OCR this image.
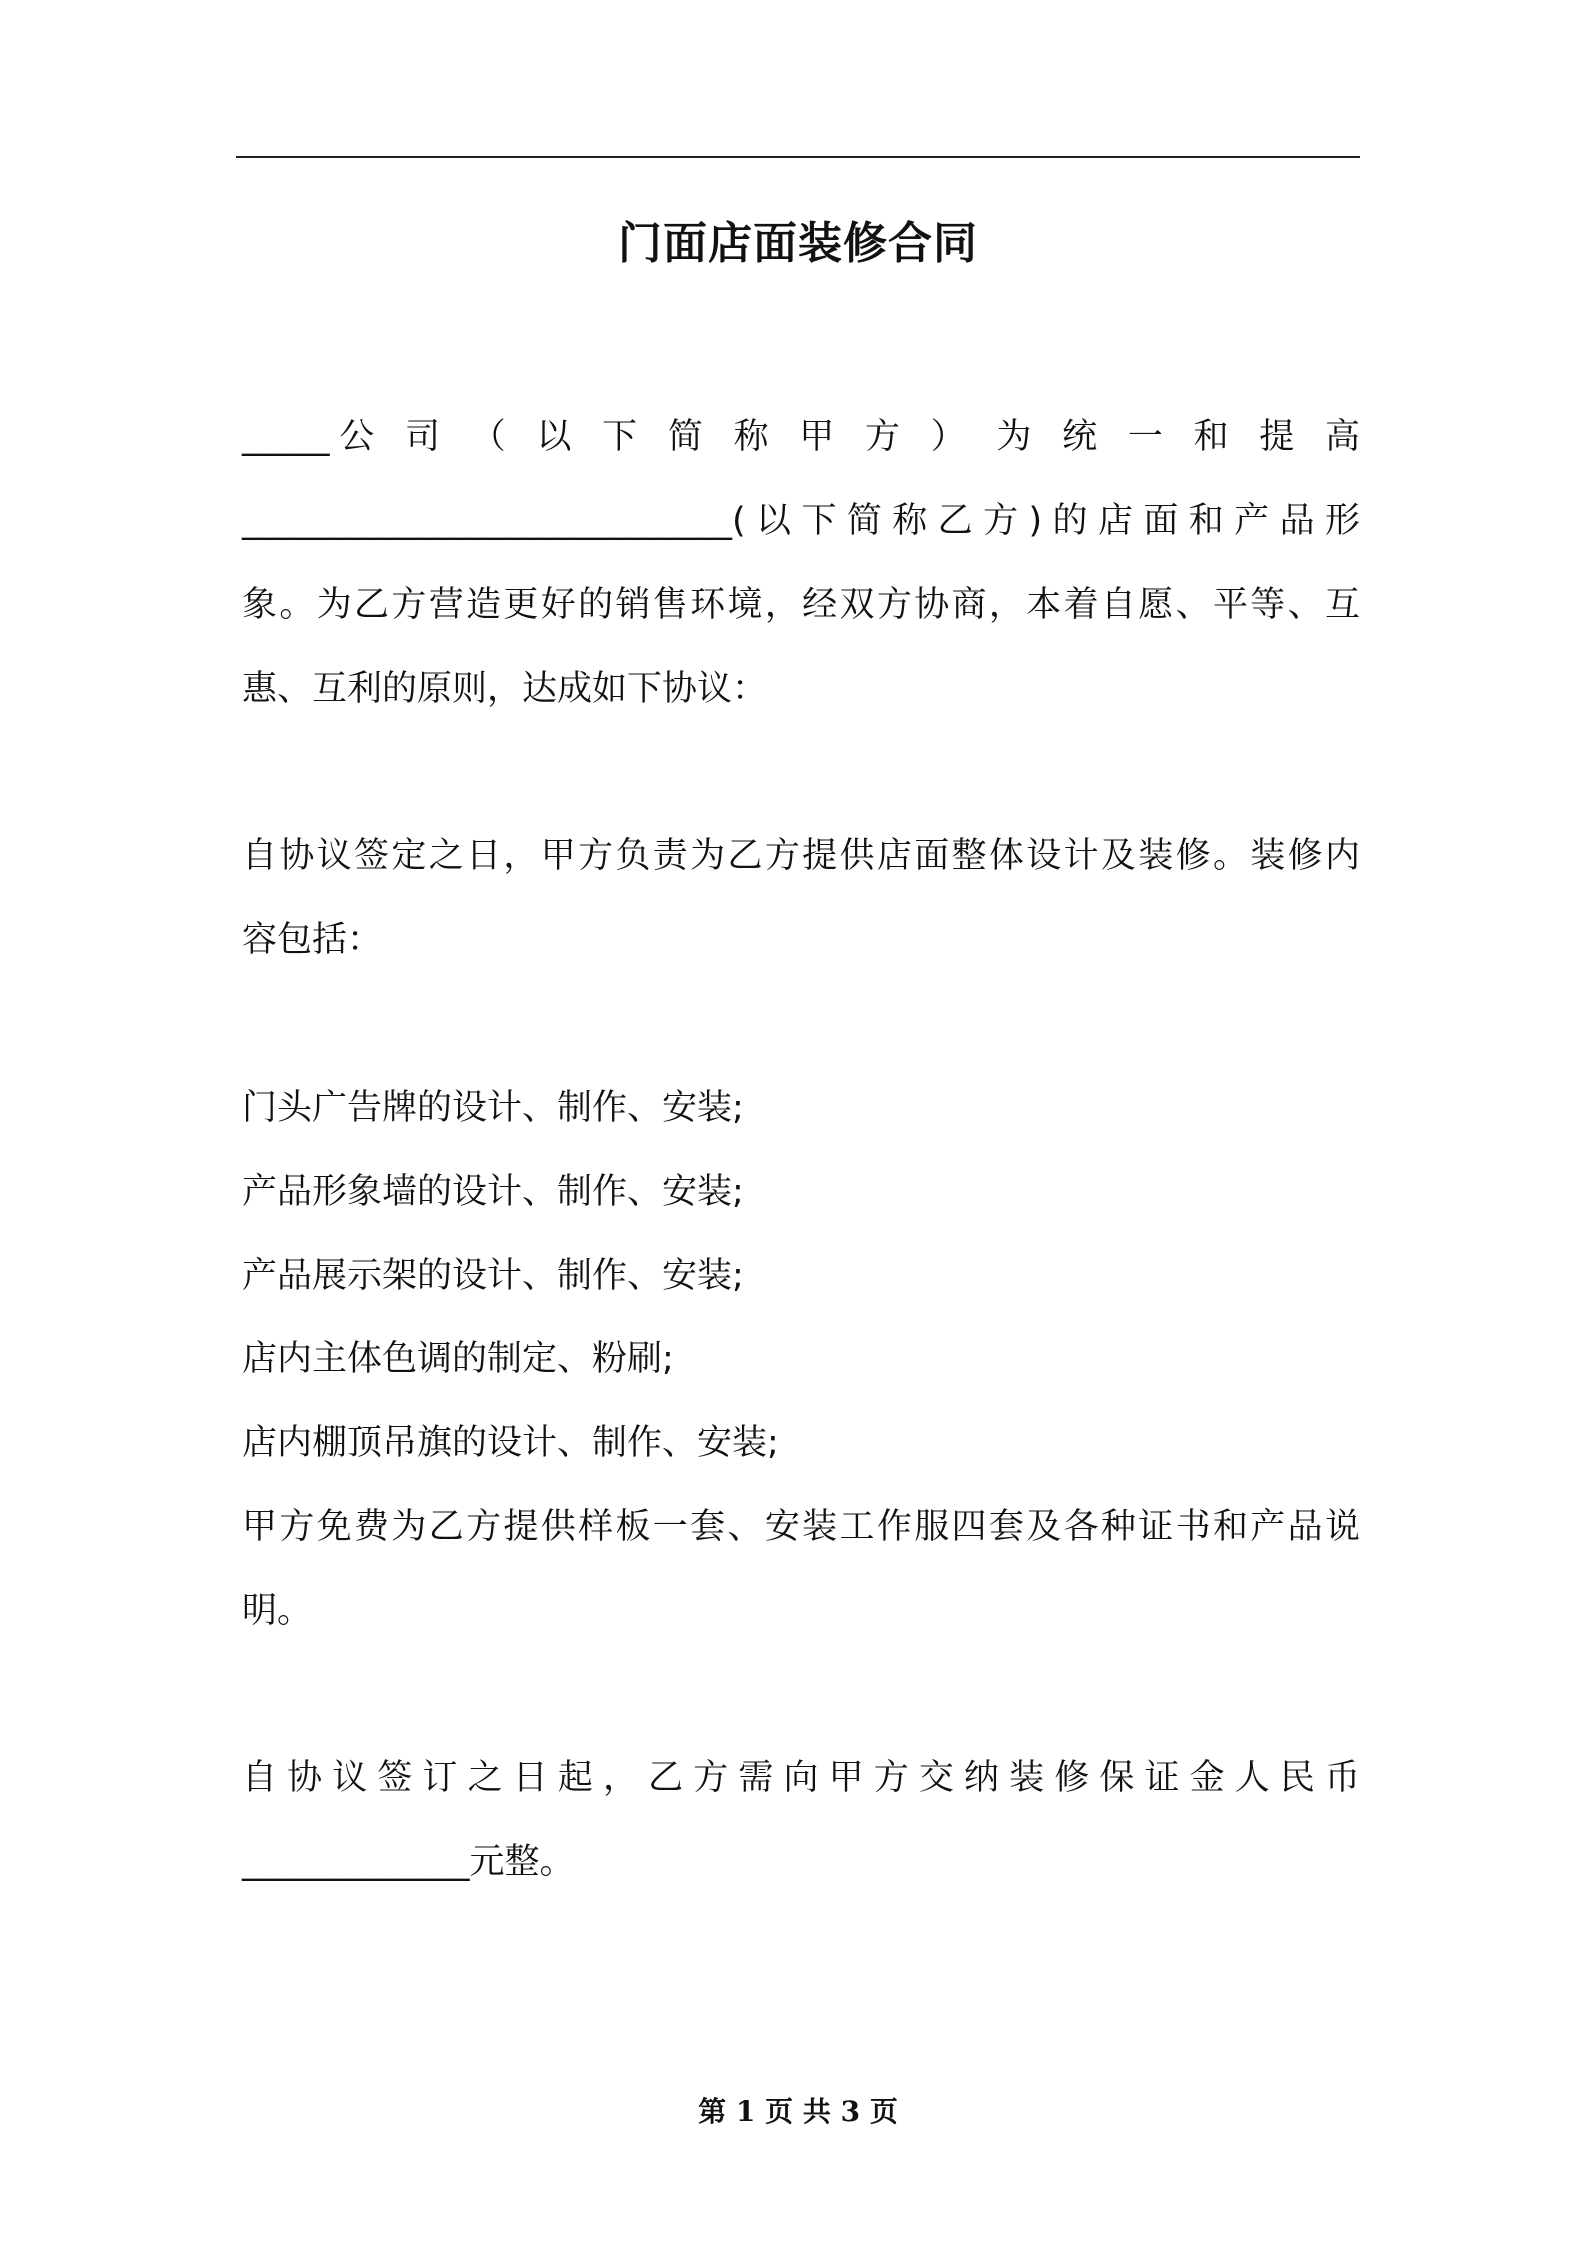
门面店面装修合同
_____公 司 （ 以 下 简 称 甲 方 ） 为 统 一 和 提 高
____________________________(以下简称乙方)的店面和产品形
象。为乙方营造更好的销售环境，经双方协商，本着自愿、平等、互
惠、互利的原则，达成如下协议：
自协议签定之日，甲方负责为乙方提供店面整体设计及装修。装修内
容包括：
门头广告牌的设计、制作、安装;
产品形象墙的设计、制作、安装;
产品展示架的设计、制作、安装;
店内主体色调的制定、粉刷;
店内棚顶吊旗的设计、制作、安装;
甲方免费为乙方提供样板一套、安装工作服四套及各种证书和产品说
明。
自协议签订之日起，乙方需向甲方交纳装修保证金人民币
_____________元整。
第 1 页 共 3 页
